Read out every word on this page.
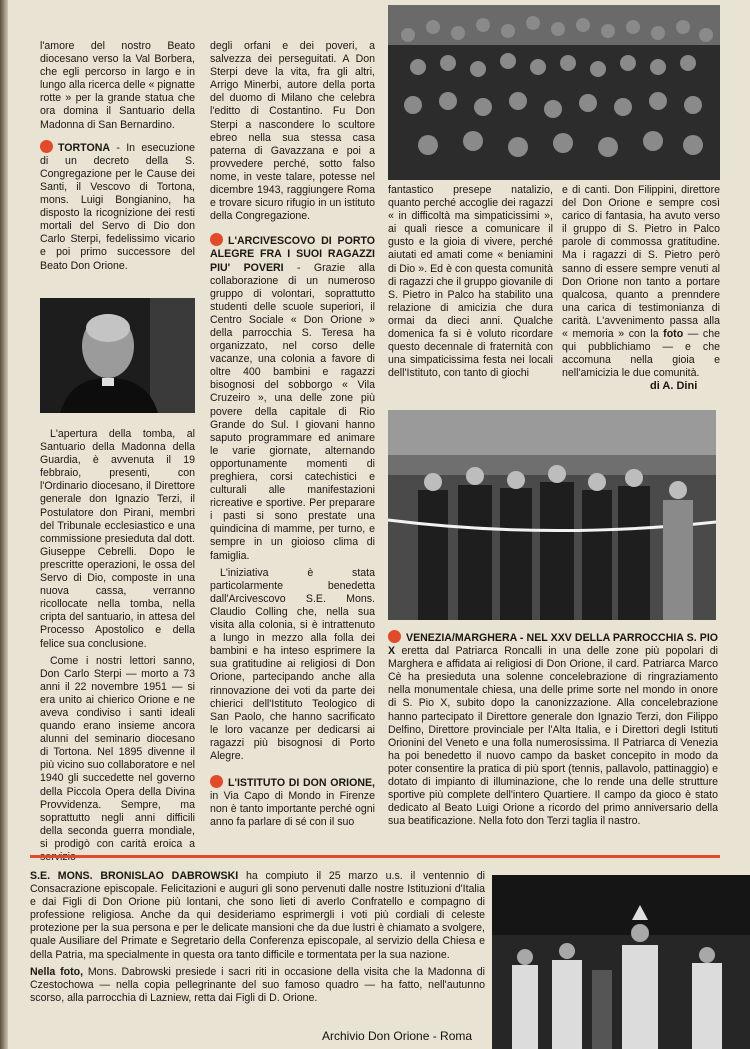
l'amore del nostro Beato diocesano verso la Val Borbera, che egli percorso in largo e in lungo alla ricerca delle « pignatte rotte » per la grande statua che ora domina il Santuario della Madonna di San Bernardino.

TORTONA - In esecuzione di un decreto della S. Congregazione per le Cause dei Santi, il Vescovo di Tortona, mons. Luigi Bongianino, ha disposto la ricognizione dei resti mortali del Servo di Dio don Carlo Sterpi, fedelissimo vicario e poi primo successore del Beato Don Orione.

L'apertura della tomba, al Santuario della Madonna della Guardia, è avvenuta il 19 febbraio, presenti, con l'Ordinario diocesano, il Direttore generale don Ignazio Terzi, il Postulatore don Pirani, membri del Tribunale ecclesiastico e una commissione presieduta dal dott. Giuseppe Cebrelli. Dopo le prescritte operazioni, le ossa del Servo di Dio, composte in una nuova cassa, verranno ricollocate nella tomba, nella cripta del santuario, in attesa del Processo Apostolico e della felice sua conclusione.

Come i nostri lettori sanno, Don Carlo Sterpi — morto a 73 anni il 22 novembre 1951 — si era unito ai chierico Orione e ne aveva condiviso i santi ideali quando erano insieme ancora alunni del seminario diocesano di Tortona. Nel 1895 divenne il più vicino suo collaboratore e nel 1940 gli succedette nel governo della Piccola Opera della Divina Provvidenza. Sempre, ma soprattutto negli anni difficili della seconda guerra mondiale, si prodigò con carità eroica a

degli orfani e dei poveri, a salvezza dei perseguitati. A Don Sterpi deve la vita, fra gli altri, Arrigo Minerbi, autore della porta del duomo di Milano che celebra l'editto di Costantino. Fu Don Sterpi a nascondere lo scultore ebreo nella sua stessa casa paterna di Gavazzana e poi a provvedere perché, sotto falso nome, in veste talare, potesse nel dicembre 1943, raggiungere Roma e trovare sicuro rifugio in un istituto della Congregazione.

L'ARCIVESCOVO DI PORTO ALEGRE FRA I SUOI RAGAZZI PIU' POVERI - Grazie alla collaborazione di un numeroso gruppo di volontari, soprattutto studenti delle scuole superiori, il Centro Sociale « Don Orione » della parrocchia S. Teresa ha organizzato, nel corso delle vacanze, una colonia a favore di oltre 400 bambini e ragazzi bisognosi del sobborgo « Vila Cruzeiro », una delle zone più povere della capitale di Rio Grande do Sul. I giovani hanno saputo programmare ed animare le varie giornate, alternando opportunamente momenti di preghiera, corsi catechistici e culturali alle manifestazioni ricreative e sportive. Per preparare i pasti si sono prestate una quindicina di mamme, per turno, e sempre in un gioioso clima di famiglia.

L'iniziativa è stata particolarmente benedetta dall'Arcivescovo S.E. Mons. Claudio Colling che, nella sua visita alla colonia, si è intrattenuto a lungo in mezzo alla folla dei bambini e ha inteso esprimere la sua gratitudine ai religiosi di Don Orione, partecipando anche alla rinnovazione dei voti da parte dei chierici dell'Istituto Teologico di San Paolo, che hanno sacrificato le loro vacanze per dedicarsi ai ragazzi più bisognosi di Porto Alegre.

L'ISTITUTO DI DON ORIONE, in Via Capo di Mondo in Firenze non è tanto importante perché ogni anno fa parlare di sé con il suo

fantastico presepe natalizio, quanto perché accoglie dei ragazzi « in difficoltà ma simpaticissimi », ai quali riesce a comunicare il gusto e la gioia di vivere, perché aiutati ed amati come « beniamini di Dio ». Ed è con questa comunità di ragazzi che il gruppo giovanile di S. Pietro in Palco ha stabilito una relazione di amicizia che dura ormai da dieci anni. Qualche domenica fa si è voluto ricordare questo decennale di fraternità con una simpaticissima festa nei locali dell'Istituto, con tanto di giochi

e di canti. Don Filippini, direttore del Don Orione e sempre così carico di fantasia, ha avuto verso il gruppo di S. Pietro in Palco parole di commossa gratitudine. Ma i ragazzi di S. Pietro però sanno di essere sempre venuti al Don Orione non tanto a portare qualcosa, quanto a prenndere una carica di testimonianza di carità. L'avvenimento passa alla « memoria » con la foto — che qui pubblichiamo — e che accomuna nella gioia e nell'amicizia le due comunità.

di A. Dini

VENEZIA/MARGHERA - NEL XXV DELLA PARROCCHIA S. PIO X eretta dal Patriarca Roncalli in una delle zone più popolari di Marghera e affidata ai religiosi di Don Orione, il card. Patriarca Marco Cè ha presieduta una solenne concelebrazione di ringraziamento nella monumentale chiesa, una delle prime sorte nel mondo in onore di S. Pio X, subito dopo la canonizzazione. Alla concelebrazione hanno partecipato il Direttore generale don Ignazio Terzi, don Filippo Delfino, Direttore provinciale per l'Alta Italia, e i Direttori degli Istituti Orionini del Veneto e una folla numerosissima. Il Patriarca di Venezia ha poi benedetto il nuovo campo da basket concepito in modo da poter consentire la pratica di più sport (tennis, pallavolo, pattinaggio) e dotato di impianto di illuminazione, che lo rende una delle strutture sportive più complete dell'intero Quartiere. Il campo da gioco è stato dedicato al Beato Luigi Orione a ricordo del primo anniversario della sua beatificazione. Nella foto don Terzi taglia il nastro.

S.E. MONS. BRONISLAO DABROWSKI ha compiuto il 25 marzo u.s. il ventennio di Consacrazione episcopale. Felicitazioni e auguri gli sono pervenuti dalle nostre Istituzioni d'Italia e dai Figli di Don Orione più lontani, che sono lieti di averlo Confratello e compagno di professione religiosa. Anche da qui desideriamo esprimergli i voti più cordiali di celeste protezione per la sua persona e per le delicate mansioni che da due lustri è chiamato a svolgere, quale Ausiliare del Primate e Segretario della Conferenza episcopale, al servizio della Chiesa e della Patria, ma specialmente in questa ora tanto difficile e tormentata per la sua nazione.

Nella foto, Mons. Dabrowski presiede i sacri riti in occasione della visita che la Madonna di Czestochowa — nella copia pellegrinante del suo famoso quadro — ha fatto, nell'autunno scorso, alla parrocchia di Lazniew, retta dai Figli di D. Orione.

Archivio Don Orione - Roma
